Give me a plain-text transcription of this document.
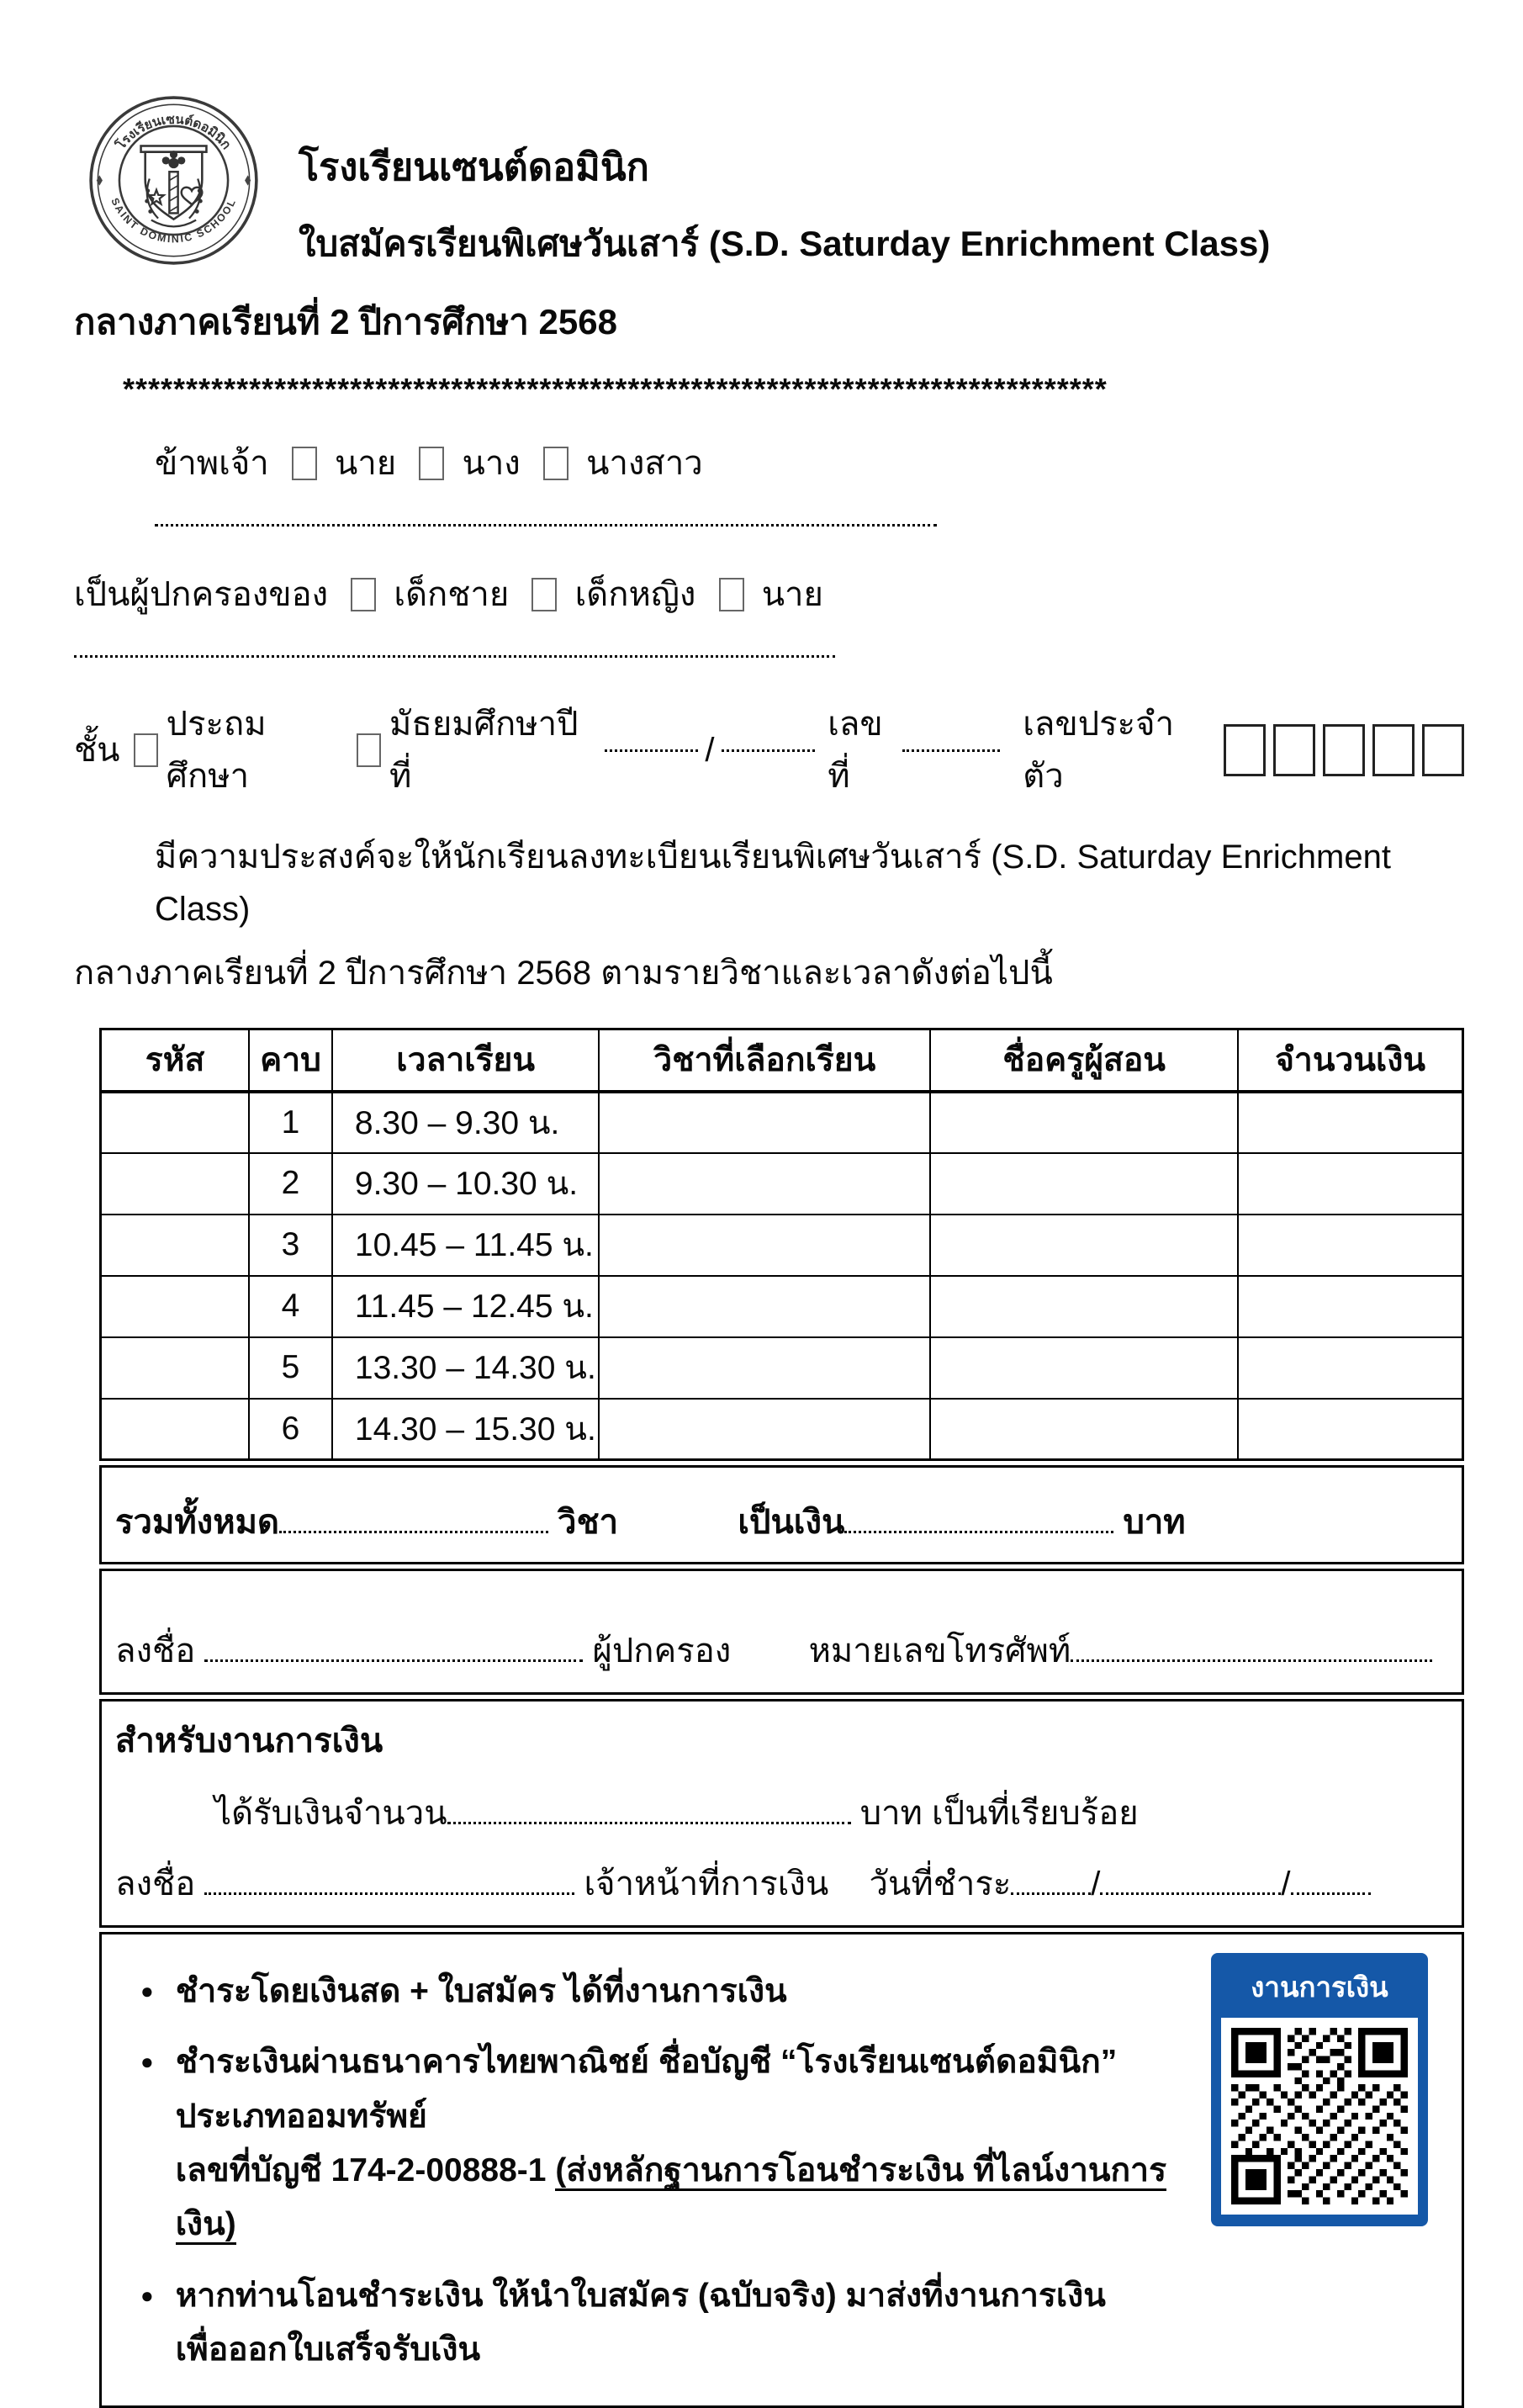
โรงเรียนเซนต์ดอมินิก
SAINT DOMINIC SCHOOL
โรงเรียนเซนต์ดอมินิก
ใบสมัครเรียนพิเศษวันเสาร์ (S.D. Saturday Enrichment Class)
กลางภาคเรียนที่ 2 ปีการศึกษา 2568
******************************************************************************
ข้าพเจ้า นาย นาง นางสาว
เป็นผู้ปกครองของ เด็กชาย เด็กหญิง นาย
ชั้น
ประถมศึกษา
มัธยมศึกษาปีที่
/
เลขที่
เลขประจำตัว
มีความประสงค์จะให้นักเรียนลงทะเบียนเรียนพิเศษวันเสาร์ (S.D. Saturday Enrichment Class)
กลางภาคเรียนที่ 2 ปีการศึกษา 2568 ตามรายวิชาและเวลาดังต่อไปนี้
รหัส	คาบ	เวลาเรียน	วิชาที่เลือกเรียน	ชื่อครูผู้สอน	จำนวนเงิน
	1	8.30 – 9.30 น.			
	2	9.30 – 10.30 น.			
	3	10.45 – 11.45 น.			
	4	11.45 – 12.45 น.			
	5	13.30 – 14.30 น.			
	6	14.30 – 15.30 น.			
รวมทั้งหมด	วิชา	เป็นเงิน	บาท
ลงชื่อ	ผู้ปกครอง หมายเลขโทรศัพท์
สำหรับงานการเงิน
ได้รับเงินจำนวน	บาท เป็นที่เรียบร้อย
ลงชื่อ	เจ้าหน้าที่การเงิน วันที่ชำระ /	/
● ชำระโดยเงินสด + ใบสมัคร ได้ที่งานการเงิน
● ชำระเงินผ่านธนาคารไทยพาณิชย์ ชื่อบัญชี “โรงเรียนเซนต์ดอมินิก” ประเภทออมทรัพย์
เลขที่บัญชี 174-2-00888-1 (ส่งหลักฐานการโอนชำระเงิน ที่ไลน์งานการเงิน)
● หากท่านโอนชำระเงิน ให้นำใบสมัคร (ฉบับจริง) มาส่งที่งานการเงิน
เพื่อออกใบเสร็จรับเงิน
งานการเงิน
